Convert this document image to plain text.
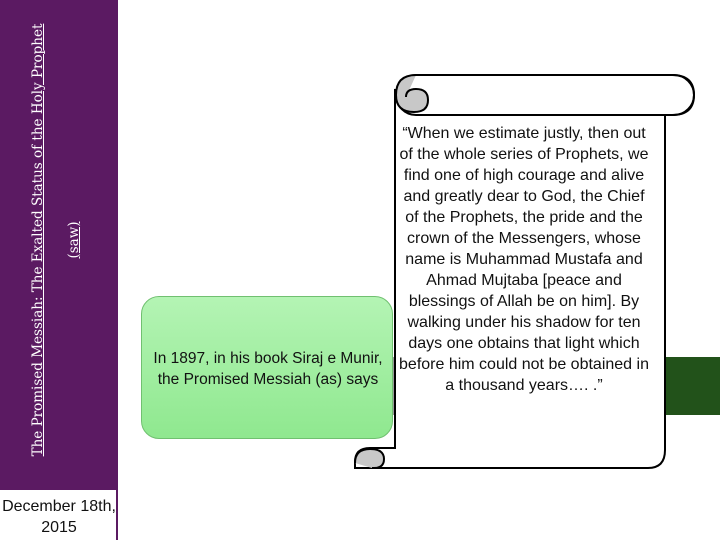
The Promised Messiah: The Exalted Status of the Holy Prophet (saw)
December 18th, 2015
In 1897, in his book Siraj e Munir, the Promised Messiah (as) says
“When we estimate justly, then out of the whole series of Prophets, we find one of high courage and alive and greatly dear to God, the Chief of the Prophets, the pride and the crown of the Messengers, whose name is Muhammad Mustafa and Ahmad Mujtaba [peace and blessings of Allah be on him]. By walking under his shadow for ten days one obtains that light which before him could not be obtained in a thousand years…. .”
